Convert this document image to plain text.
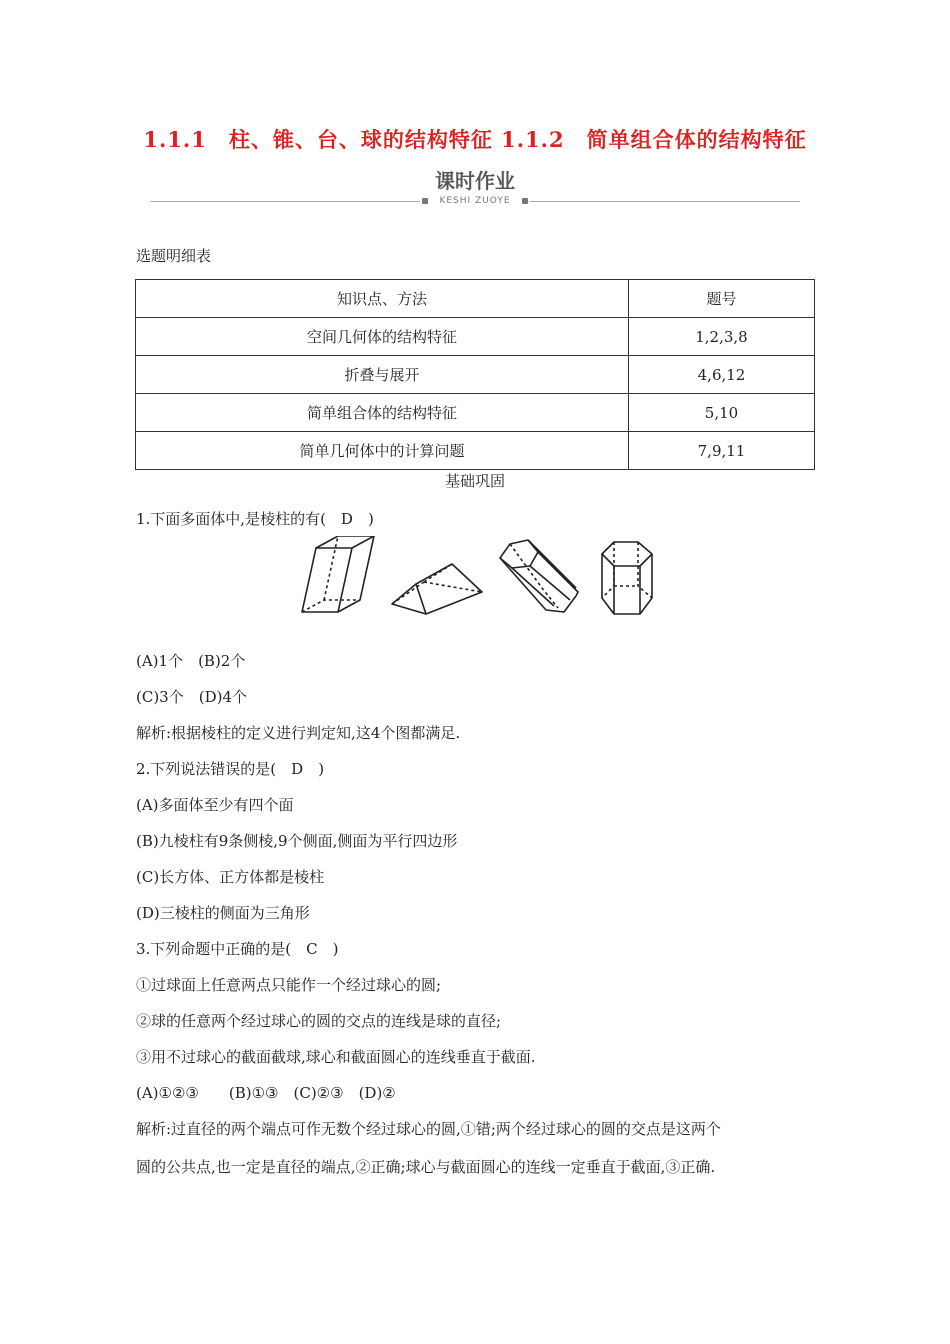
1.1.1　柱、锥、台、球的结构特征 1.1.2　简单组合体的结构特征
课时作业
KESHI ZUOYE
选题明细表
知识点、方法	题号
空间几何体的结构特征	1,2,3,8
折叠与展开	4,6,12
简单组合体的结构特征	5,10
简单几何体中的计算问题	7,9,11
基础巩固
1.下面多面体中,是棱柱的有(　D　)
(A)1个　(B)2个
(C)3个　(D)4个
解析:根据棱柱的定义进行判定知,这4个图都满足.
2.下列说法错误的是(　D　)
(A)多面体至少有四个面
(B)九棱柱有9条侧棱,9个侧面,侧面为平行四边形
(C)长方体、正方体都是棱柱
(D)三棱柱的侧面为三角形
3.下列命题中正确的是(　C　)
①过球面上任意两点只能作一个经过球心的圆;
②球的任意两个经过球心的圆的交点的连线是球的直径;
③用不过球心的截面截球,球心和截面圆心的连线垂直于截面.
(A)①②③　　(B)①③　(C)②③　(D)②
解析:过直径的两个端点可作无数个经过球心的圆,①错;两个经过球心的圆的交点是这两个
圆的公共点,也一定是直径的端点,②正确;球心与截面圆心的连线一定垂直于截面,③正确.
